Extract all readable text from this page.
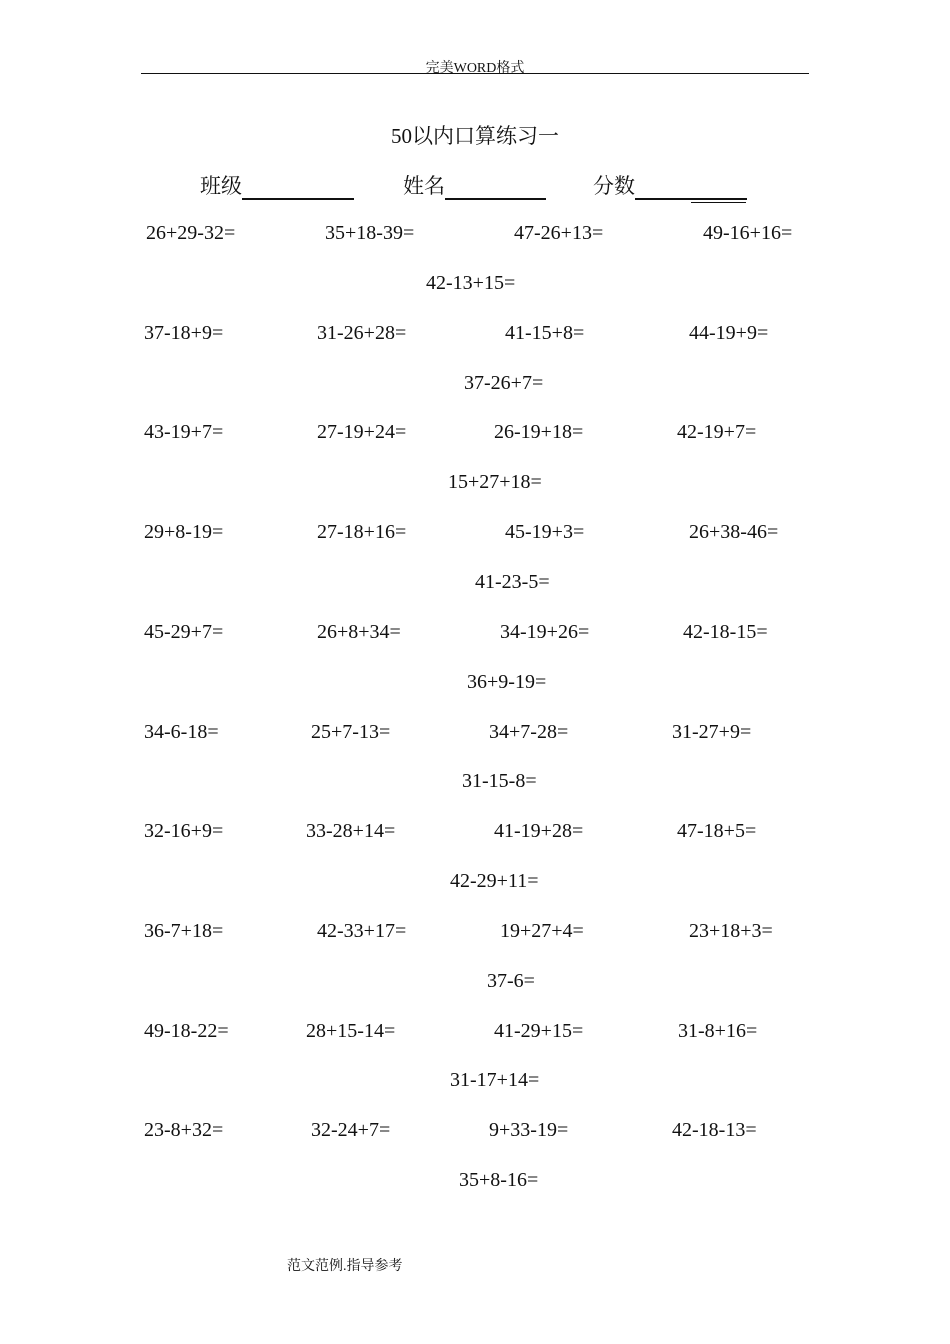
完美WORD格式
50以内口算练习一
班级	姓名	分数
26+29-32=	35+18-39=	47-26+13=	49-16+16=
42-13+15=
37-18+9=	31-26+28=	41-15+8=	44-19+9=
37-26+7=
43-19+7=	27-19+24=	26-19+18=	42-19+7=
15+27+18=
29+8-19=	27-18+16=	45-19+3=	26+38-46=
41-23-5=
45-29+7=	26+8+34=	34-19+26=	42-18-15=
36+9-19=
34-6-18=	25+7-13=	34+7-28=	31-27+9=
31-15-8=
32-16+9=	33-28+14=	41-19+28=	47-18+5=
42-29+11=
36-7+18=	42-33+17=	19+27+4=	23+18+3=
37-6=
49-18-22=	28+15-14=	41-29+15=	31-8+16=
31-17+14=
23-8+32=	32-24+7=	9+33-19=	42-18-13=
35+8-16=
范文范例.指导参考
